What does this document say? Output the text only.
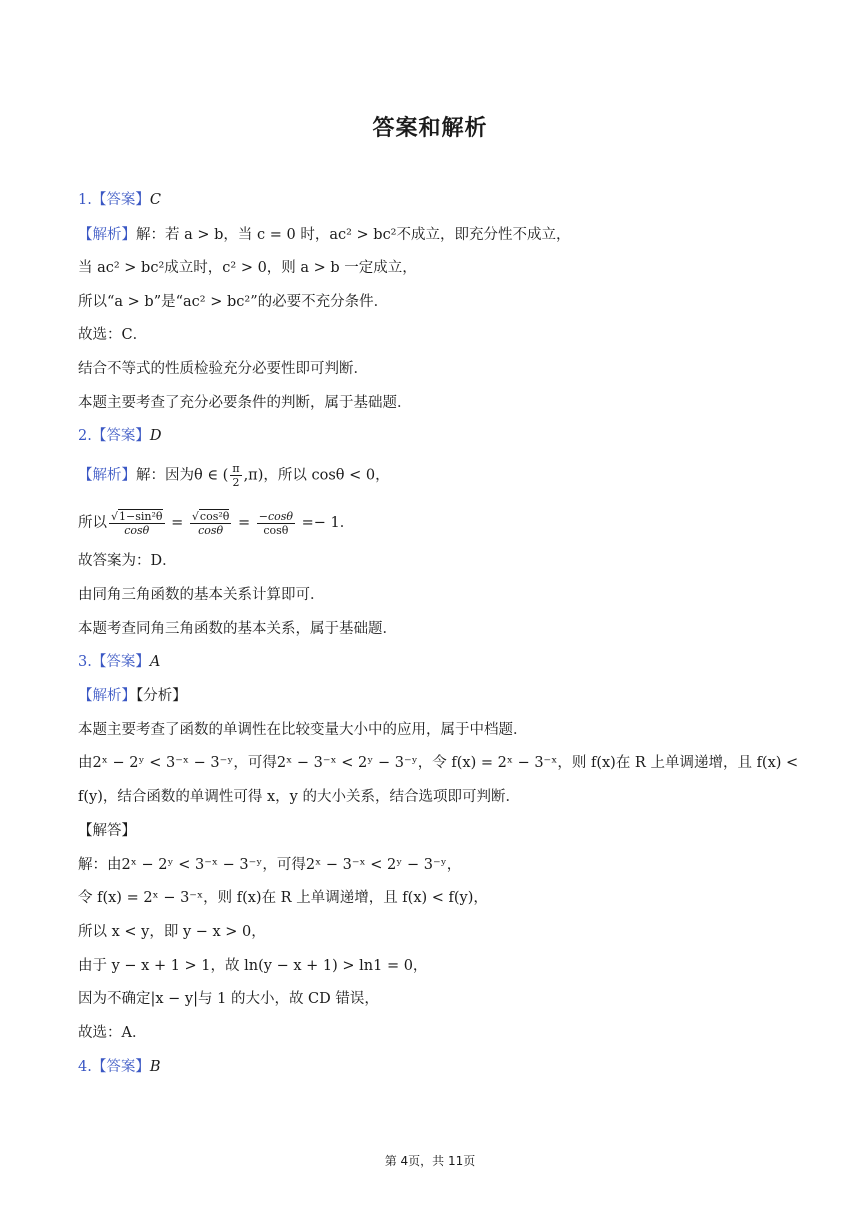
答案和解析
1.【答案】C
【解析】解：若 a > b，当 c = 0 时，ac² > bc²不成立，即充分性不成立，
当 ac² > bc²成立时，c² > 0，则 a > b 一定成立，
所以“a > b”是“ac² > bc²”的必要不充分条件．
故选：C．
结合不等式的性质检验充分必要性即可判断．
本题主要考查了充分必要条件的判断，属于基础题．
2.【答案】D
【解析】解：因为θ ∈ ( $\frac{\pi}{2} ,\pi$)，所以 cosθ < 0，
所以 $\frac{\text{√1−sin²θ}}{\cos\theta} = \frac{\text{√cos²θ}}{\cos\theta} = \frac{-\cos\theta}{\cos\theta} =- 1$．
故答案为：D．
由同角三角函数的基本关系计算即可．
本题考查同角三角函数的基本关系，属于基础题．
3.【答案】A
【解析】【分析】
本题主要考查了函数的单调性在比较变量大小中的应用，属于中档题．
由2ˣ − 2ʸ < 3⁻ˣ − 3⁻ʸ，可得2ˣ − 3⁻ˣ < 2ʸ − 3⁻ʸ，令 f(x) = 2ˣ − 3⁻ˣ，则 f(x)在 R 上单调递增，且 f(x) <
f(y)，结合函数的单调性可得 x，y 的大小关系，结合选项即可判断．
【解答】
解：由2ˣ − 2ʸ < 3⁻ˣ − 3⁻ʸ，可得2ˣ − 3⁻ˣ < 2ʸ − 3⁻ʸ，
令 f(x) = 2ˣ − 3⁻ˣ，则 f(x)在 R 上单调递增，且 f(x) < f(y)，
所以 x < y，即 y − x > 0，
由于 y − x + 1 > 1，故 ln(y − x + 1) > ln1 = 0，
因为不确定|x − y|与 1 的大小，故 CD 错误，
故选：A．
4.【答案】B
第 4页，共 11页
